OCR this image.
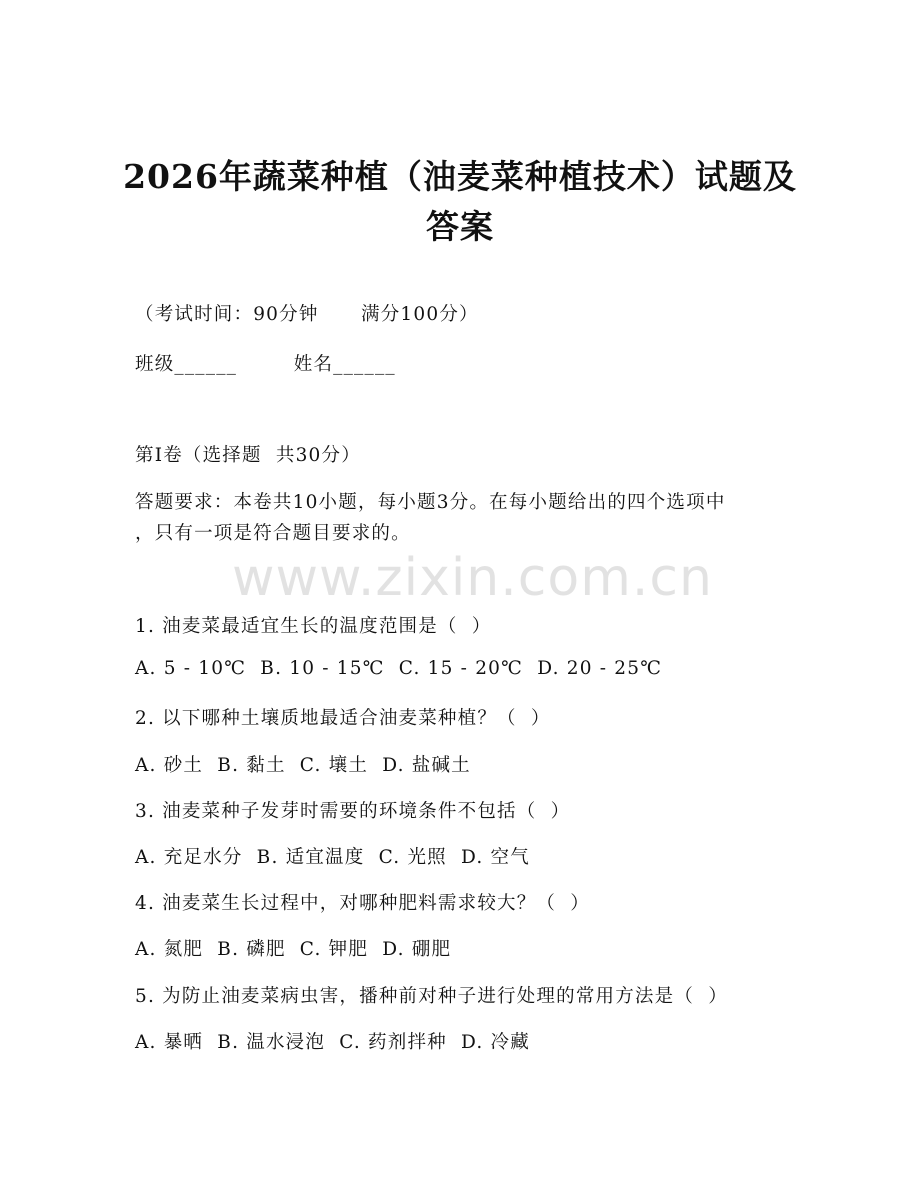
2026年蔬菜种植（油麦菜种植技术）试题及
答案
（考试时间：90分钟      满分100分）
班级______        姓名______
第I卷（选择题  共30分）
答题要求：本卷共10小题，每小题3分。在每小题给出的四个选项中
，只有一项是符合题目要求的。
www.zixin.com.cn
1. 油麦菜最适宜生长的温度范围是（  ）
A. 5 - 10℃  B. 10 - 15℃  C. 15 - 20℃  D. 20 - 25℃
2. 以下哪种土壤质地最适合油麦菜种植？（  ）
A. 砂土  B. 黏土  C. 壤土  D. 盐碱土
3. 油麦菜种子发芽时需要的环境条件不包括（  ）
A. 充足水分  B. 适宜温度  C. 光照  D. 空气
4. 油麦菜生长过程中，对哪种肥料需求较大？（  ）
A. 氮肥  B. 磷肥  C. 钾肥  D. 硼肥
5. 为防止油麦菜病虫害，播种前对种子进行处理的常用方法是（  ）
A. 暴晒  B. 温水浸泡  C. 药剂拌种  D. 冷藏
